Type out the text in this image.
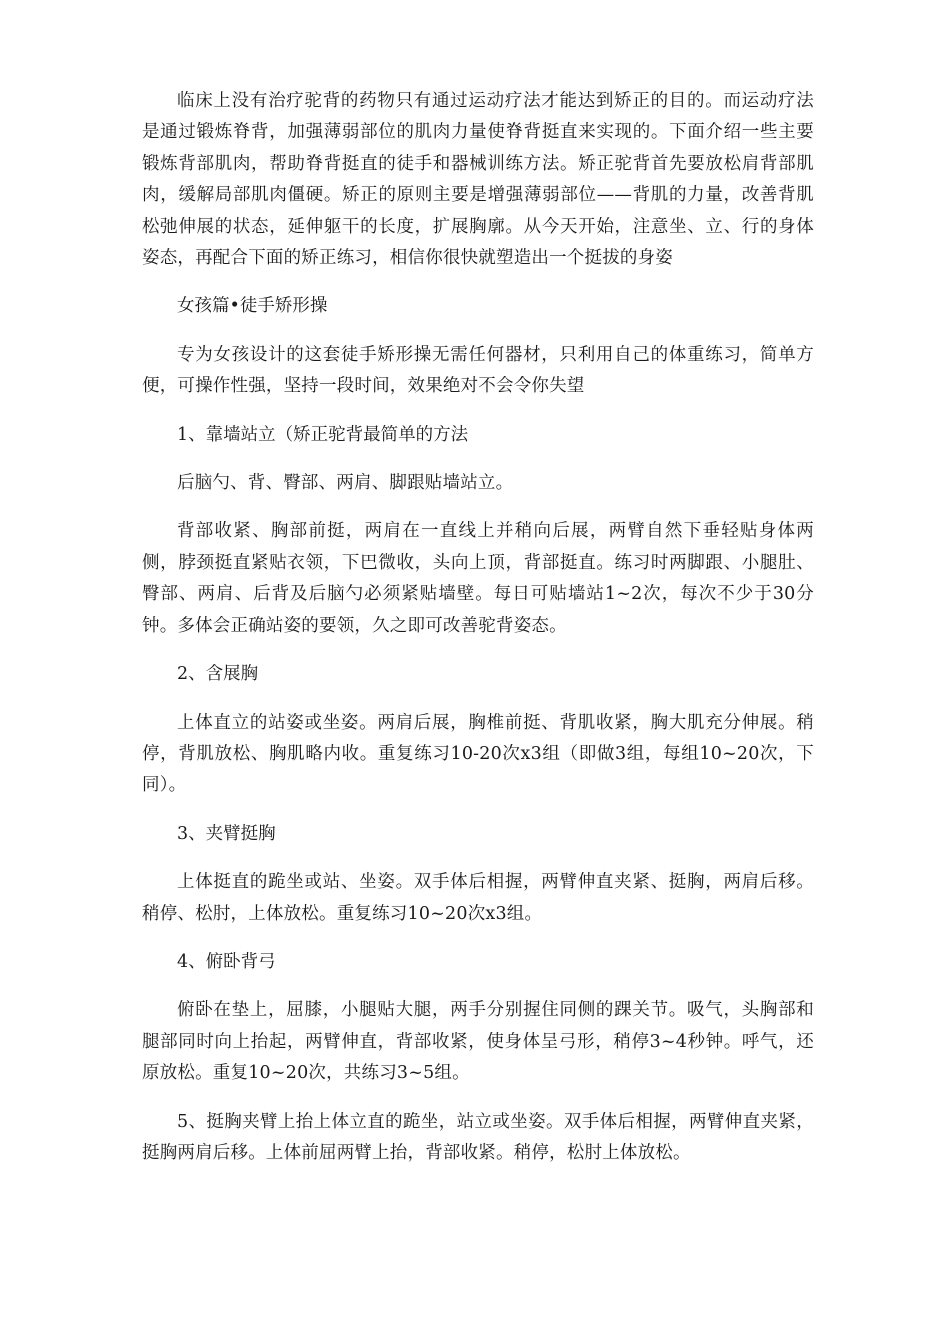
临床上没有治疗驼背的药物只有通过运动疗法才能达到矫正的目的。而运动疗法是通过锻炼脊背，加强薄弱部位的肌肉力量使脊背挺直来实现的。下面介绍一些主要锻炼背部肌肉，帮助脊背挺直的徒手和器械训练方法。矫正驼背首先要放松肩背部肌肉，缓解局部肌肉僵硬。矫正的原则主要是增强薄弱部位——背肌的力量，改善背肌松弛伸展的状态，延伸躯干的长度，扩展胸廓。从今天开始，注意坐、立、行的身体姿态，再配合下面的矫正练习，相信你很快就塑造出一个挺拔的身姿

女孩篇•徒手矫形操

专为女孩设计的这套徒手矫形操无需任何器材，只利用自己的体重练习，简单方便，可操作性强，坚持一段时间，效果绝对不会令你失望

1、靠墙站立（矫正驼背最简单的方法

后脑勺、背、臀部、两肩、脚跟贴墙站立。

背部收紧、胸部前挺，两肩在一直线上并稍向后展，两臂自然下垂轻贴身体两侧，脖颈挺直紧贴衣领，下巴微收，头向上顶，背部挺直。练习时两脚跟、小腿肚、臀部、两肩、后背及后脑勺必须紧贴墙壁。每日可贴墙站1~2次，每次不少于30分钟。多体会正确站姿的要领，久之即可改善驼背姿态。

2、含展胸

上体直立的站姿或坐姿。两肩后展，胸椎前挺、背肌收紧，胸大肌充分伸展。稍停，背肌放松、胸肌略内收。重复练习10-20次x3组（即做3组，每组10~20次，下同）。

3、夹臂挺胸

上体挺直的跪坐或站、坐姿。双手体后相握，两臂伸直夹紧、挺胸，两肩后移。稍停、松肘，上体放松。重复练习10~20次x3组。

4、俯卧背弓

俯卧在垫上，屈膝，小腿贴大腿，两手分别握住同侧的踝关节。吸气，头胸部和腿部同时向上抬起，两臂伸直，背部收紧，使身体呈弓形，稍停3~4秒钟。呼气，还原放松。重复10~20次，共练习3~5组。

5、挺胸夹臂上抬上体立直的跪坐，站立或坐姿。双手体后相握，两臂伸直夹紧，挺胸两肩后移。上体前屈两臂上抬，背部收紧。稍停，松肘上体放松。
